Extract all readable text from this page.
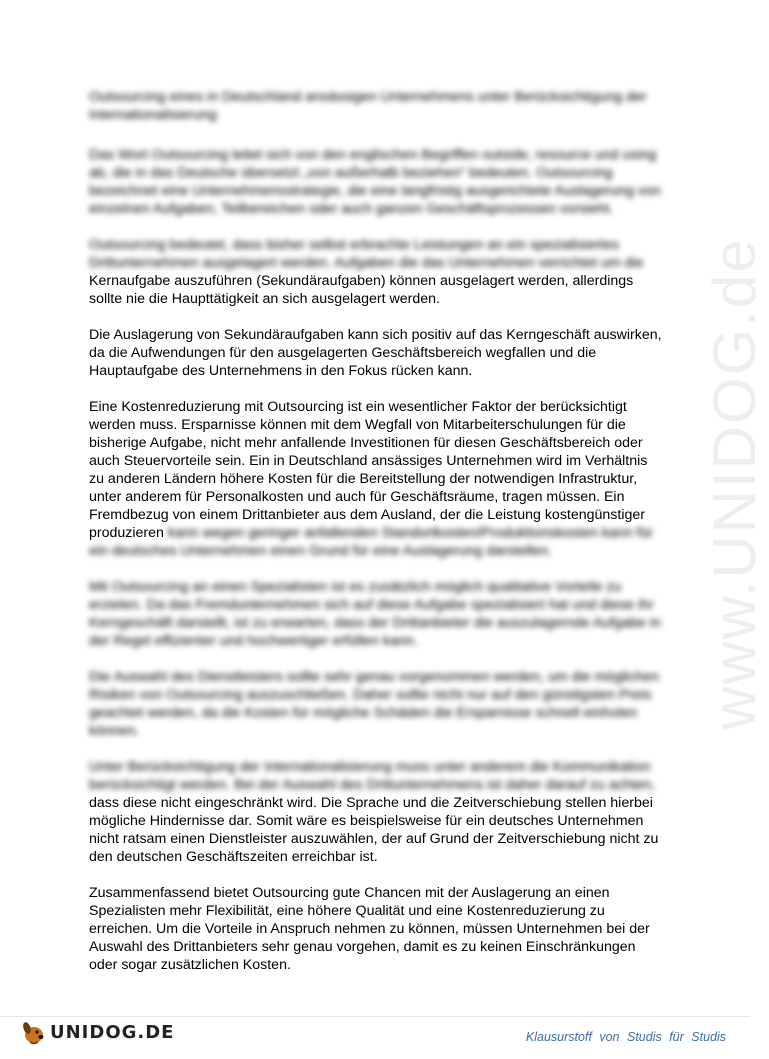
www.UNIDOG.de

Outsourcing eines in Deutschland ansässigen Unternehmens unter Berücksichtigung der Internationalisierung

Das Wort Outsourcing leitet sich von den englischen Begriffen outside, resource und using ab, die in das Deutsche übersetzt „von außerhalb beziehen“ bedeuten. Outsourcing bezeichnet eine Unternehmensstrategie, die eine langfristig ausgerichtete Auslagerung von einzelnen Aufgaben, Teilbereichen oder auch ganzen Geschäftsprozessen vorsieht.

Outsourcing bedeutet, dass bisher selbst erbrachte Leistungen an ein spezialisiertes Drittunternehmen ausgelagert werden. Aufgaben die das Unternehmen verrichtet um die
Kernaufgabe auszuführen (Sekundäraufgaben) können ausgelagert werden, allerdings sollte nie die Haupttätigkeit an sich ausgelagert werden.

Die Auslagerung von Sekundäraufgaben kann sich positiv auf das Kerngeschäft auswirken, da die Aufwendungen für den ausgelagerten Geschäftsbereich wegfallen und die Hauptaufgabe des Unternehmens in den Fokus rücken kann.

Eine Kostenreduzierung mit Outsourcing ist ein wesentlicher Faktor der berücksichtigt werden muss. Ersparnisse können mit dem Wegfall von Mitarbeiterschulungen für die bisherige Aufgabe, nicht mehr anfallende Investitionen für diesen Geschäftsbereich oder auch Steuervorteile sein. Ein in Deutschland ansässiges Unternehmen wird im Verhältnis zu anderen Ländern höhere Kosten für die Bereitstellung der notwendigen Infrastruktur, unter anderem für Personalkosten und auch für Geschäftsräume, tragen müssen. Ein Fremdbezug von einem Drittanbieter aus dem Ausland, der die Leistung kostengünstiger produzieren kann wegen geringer anfallenden Standortkosten/Produktionskosten kann für ein deutsches Unternehmen einen Grund für eine Auslagerung darstellen.

Mit Outsourcing an einen Spezialisten ist es zusätzlich möglich qualitative Vorteile zu erzielen. Da das Fremdunternehmen sich auf diese Aufgabe spezialisiert hat und diese ihr Kerngeschäft darstellt, ist zu erwarten, dass der Drittanbieter die auszulagernde Aufgabe in der Regel effizienter und hochwertiger erfüllen kann.

Die Auswahl des Dienstleisters sollte sehr genau vorgenommen werden, um die möglichen Risiken von Outsourcing auszuschließen. Daher sollte nicht nur auf den günstigsten Preis geachtet werden, da die Kosten für mögliche Schäden die Ersparnisse schnell einholen können.

Unter Berücksichtigung der Internationalisierung muss unter anderem die Kommunikation berücksichtigt werden. Bei der Auswahl des Drittunternehmens ist daher darauf zu achten,
dass diese nicht eingeschränkt wird. Die Sprache und die Zeitverschiebung stellen hierbei mögliche Hindernisse dar. Somit wäre es beispielsweise für ein deutsches Unternehmen nicht ratsam einen Dienstleister auszuwählen, der auf Grund der Zeitverschiebung nicht zu den deutschen Geschäftszeiten erreichbar ist.

Zusammenfassend bietet Outsourcing gute Chancen mit der Auslagerung an einen Spezialisten mehr Flexibilität, eine höhere Qualität und eine Kostenreduzierung zu erreichen. Um die Vorteile in Anspruch nehmen zu können, müssen Unternehmen bei der Auswahl des Drittanbieters sehr genau vorgehen, damit es zu keinen Einschränkungen oder sogar zusätzlichen Kosten.

UNIDOG.DE	Klausurstoff von Studis für Studis
